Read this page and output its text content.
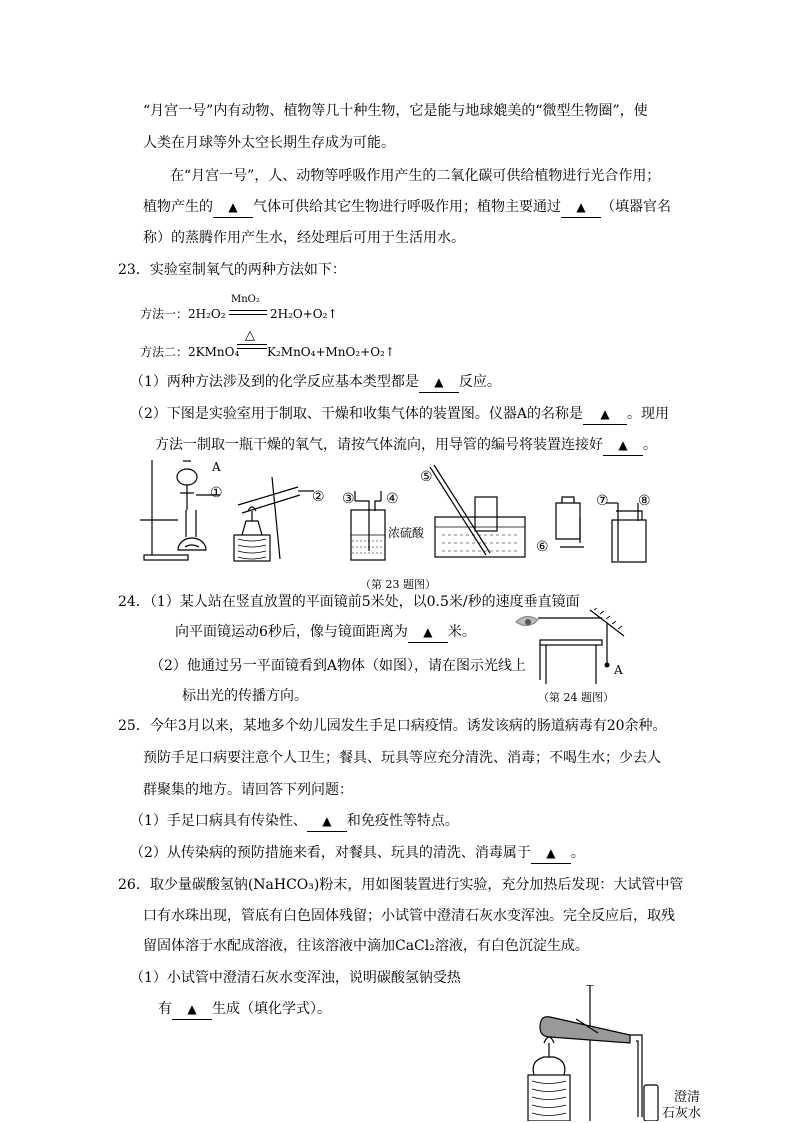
“月宫一号”内有动物、植物等几十种生物，它是能与地球媲美的“微型生物圈”，使
人类在月球等外太空长期生存成为可能。
在“月宫一号”，人、动物等呼吸作用产生的二氧化碳可供给植物进行光合作用；
植物产生的 ▲ 气体可供给其它生物进行呼吸作用；植物主要通过 ▲ （填器官名
称）的蒸腾作用产生水，经处理后可用于生活用水。
23．实验室制氧气的两种方法如下：
方法一：2H₂O₂
MnO₂
2H₂O+O₂↑
方法二：2KMnO₄
△
K₂MnO₄+MnO₂+O₂↑
（1）两种方法涉及到的化学反应基本类型都是 ▲ 反应。
（2）下图是实验室用于制取、干燥和收集气体的装置图。仪器A的名称是 ▲ 。现用
方法一制取一瓶干燥的氧气，请按气体流向，用导管的编号将装置连接好 ▲ 。
A
①	② ③ ④
⑤
⑥
⑦ ⑧
浓硫酸
（第 23 题图）
24．（1）某人站在竖直放置的平面镜前5米处，以0.5米/秒的速度垂直镜面
向平面镜运动6秒后，像与镜面距离为 ▲ 米。
（2）他通过另一平面镜看到A物体（如图），请在图示光线上
标出光的传播方向。
A
（第 24 题图）
25．今年3月以来，某地多个幼儿园发生手足口病疫情。诱发该病的肠道病毒有20余种。
预防手足口病要注意个人卫生；餐具、玩具等应充分清洗、消毒；不喝生水；少去人
群聚集的地方。请回答下列问题：
（1）手足口病具有传染性、 ▲ 和免疫性等特点。
（2）从传染病的预防措施来看，对餐具、玩具的清洗、消毒属于 ▲ 。
26．取少量碳酸氢钠(NaHCO₃)粉末，用如图装置进行实验，充分加热后发现：大试管中管
口有水珠出现，管底有白色固体残留；小试管中澄清石灰水变浑浊。完全反应后，取残
留固体溶于水配成溶液，往该溶液中滴加CaCl₂溶液，有白色沉淀生成。
（1）小试管中澄清石灰水变浑浊，说明碳酸氢钠受热
有 ▲ 生成（填化学式）。
澄清
石灰水
